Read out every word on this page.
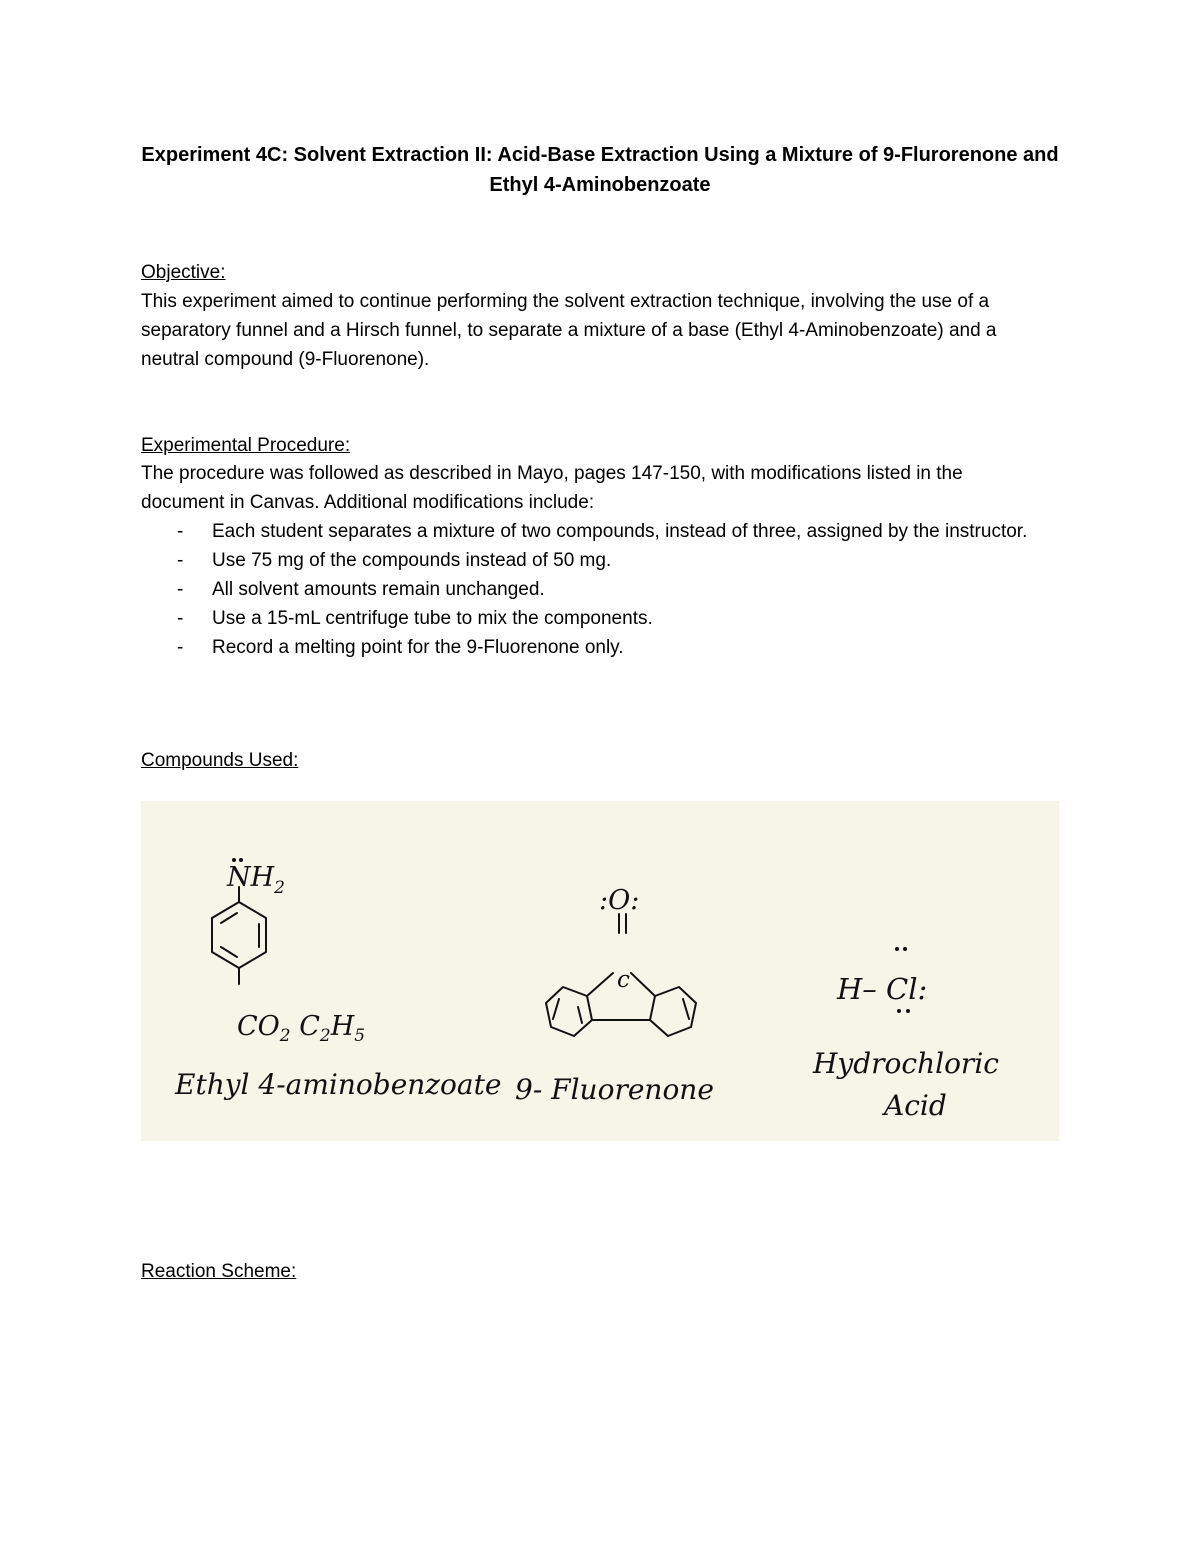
Experiment 4C: Solvent Extraction II: Acid-Base Extraction Using a Mixture of 9-Flurorenone and Ethyl 4-Aminobenzoate
Objective:

This experiment aimed to continue performing the solvent extraction technique, involving the use of a separatory funnel and a Hirsch funnel, to separate a mixture of a base (Ethyl 4-Aminobenzoate) and a neutral compound (9-Fluorenone).

Experimental Procedure:

The procedure was followed as described in Mayo, pages 147-150, with modifications listed in the document in Canvas. Additional modifications include:

- Each student separates a mixture of two compounds, instead of three, assigned by the instructor.
- Use 75 mg of the compounds instead of 50 mg.
- All solvent amounts remain unchanged.
- Use a 15-mL centrifuge tube to mix the components.
- Record a melting point for the 9-Fluorenone only.
Compounds Used:
$NH_2$
$CO_2$ $C_2H_5$
:O:
c	H– Cl:
Ethyl 4-aminobenzoate 9- Fluorenone
Hydrochloric
Acid
Reaction Scheme:
